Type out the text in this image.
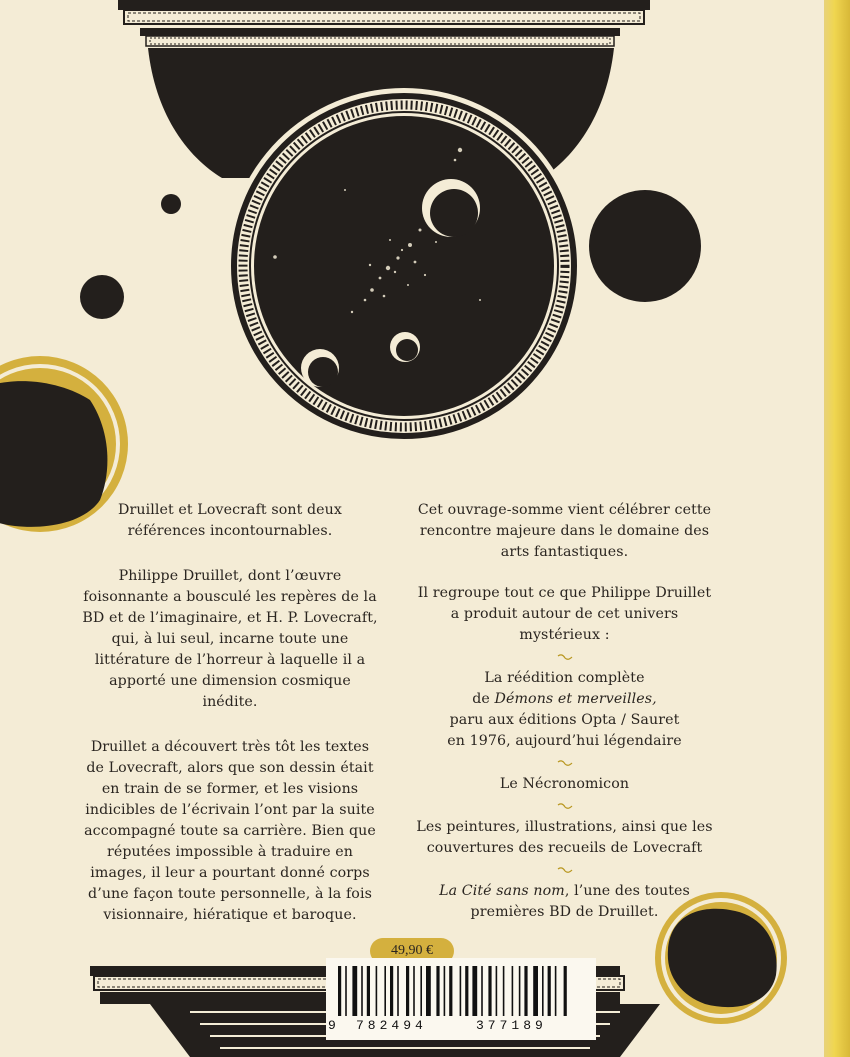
Druillet et Lovecraft sont deux références incontournables.

Philippe Druillet, dont l’œuvre foisonnante a bousculé les repères de la BD et de l’imaginaire, et H. P. Lovecraft, qui, à lui seul, incarne toute une littérature de l’horreur à laquelle il a apporté une dimension cosmique inédite.

Druillet a découvert très tôt les textes de Lovecraft, alors que son dessin était en train de se former, et les visions indicibles de l’écrivain l’ont par la suite accompagné toute sa carrière. Bien que réputées impossible à traduire en images, il leur a pourtant donné corps d’une façon toute personnelle, à la fois visionnaire, hiératique et baroque.

Cet ouvrage-somme vient célébrer cette rencontre majeure dans le domaine des arts fantastiques.

Il regroupe tout ce que Philippe Druillet a produit autour de cet univers mystérieux :

La réédition complète
de Démons et merveilles,
paru aux éditions Opta / Sauret
en 1976, aujourd’hui légendaire

Le Nécronomicon

Les peintures, illustrations, ainsi que les couvertures des recueils de Lovecraft

La Cité sans nom, l’une des toutes premières BD de Druillet.

49,90 €
9 782494	377189
